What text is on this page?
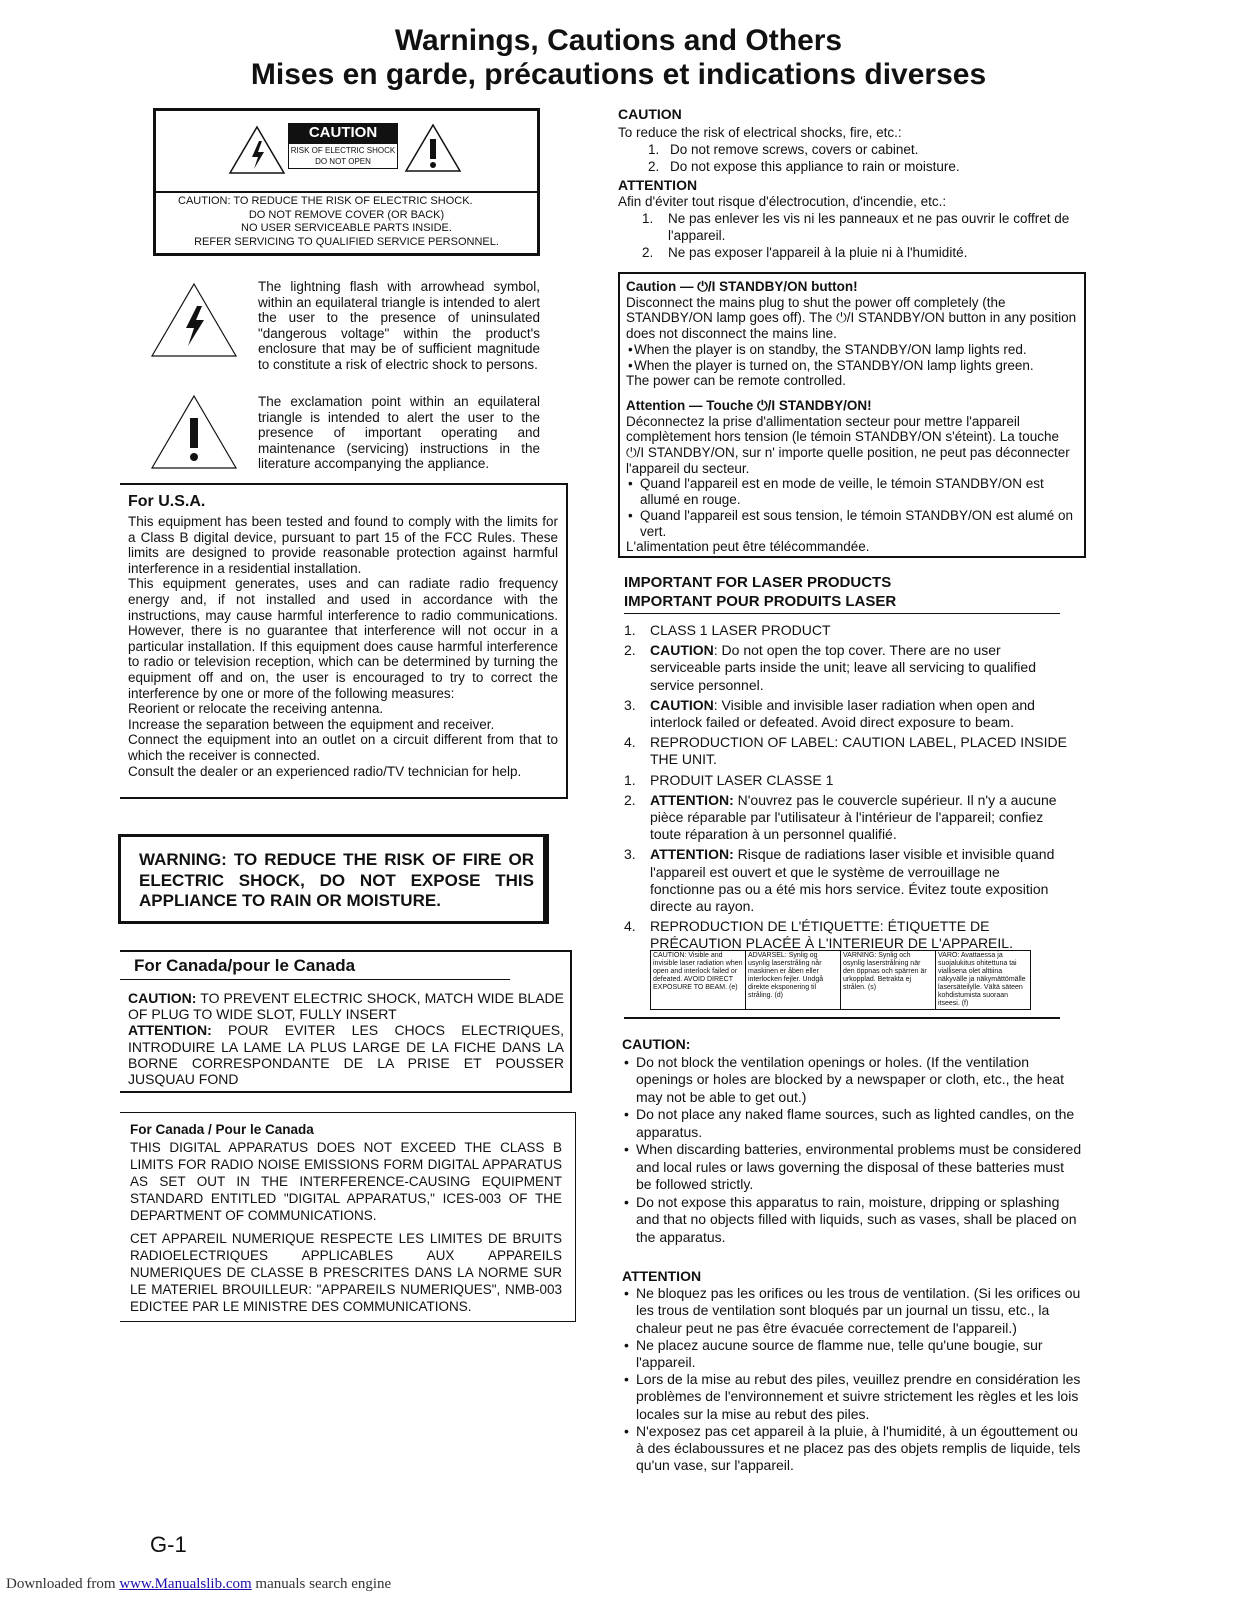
Warnings, Cautions and Others
Mises en garde, précautions et indications diverses
CAUTION
RISK OF ELECTRIC SHOCK
DO NOT OPEN
CAUTION: TO REDUCE THE RISK OF ELECTRIC SHOCK.
DO NOT REMOVE COVER (OR BACK)
NO USER SERVICEABLE PARTS INSIDE.
REFER SERVICING TO QUALIFIED SERVICE PERSONNEL.
The lightning flash with arrowhead symbol, within an equilateral triangle is intended to alert the user to the presence of uninsulated "dangerous voltage" within the product's enclosure that may be of sufficient magnitude to constitute a risk of electric shock to persons.
The exclamation point within an equilateral triangle is intended to alert the user to the presence of important operating and maintenance (servicing) instructions in the literature accompanying the appliance.
For U.S.A.
This equipment has been tested and found to comply with the limits for a Class B digital device, pursuant to part 15 of the FCC Rules. These limits are designed to provide reasonable protection against harmful interference in a residential installation.
This equipment generates, uses and can radiate radio frequency energy and, if not installed and used in accordance with the instructions, may cause harmful interference to radio communications. However, there is no guarantee that interference will not occur in a particular installation. If this equipment does cause harmful interference to radio or television reception, which can be determined by turning the equipment off and on, the user is encouraged to try to correct the interference by one or more of the following measures:
Reorient or relocate the receiving antenna.
Increase the separation between the equipment and receiver.
Connect the equipment into an outlet on a circuit different from that to which the receiver is connected.
Consult the dealer or an experienced radio/TV technician for help.
WARNING: TO REDUCE THE RISK OF FIRE OR ELECTRIC SHOCK, DO NOT EXPOSE THIS APPLIANCE TO RAIN OR MOISTURE.
For Canada/pour le Canada
CAUTION: TO PREVENT ELECTRIC SHOCK, MATCH WIDE BLADE OF PLUG TO WIDE SLOT, FULLY INSERT
ATTENTION: POUR EVITER LES CHOCS ELECTRIQUES, INTRODUIRE LA LAME LA PLUS LARGE DE LA FICHE DANS LA BORNE CORRESPONDANTE DE LA PRISE ET POUSSER JUSQUAU FOND
For Canada / Pour le Canada
THIS DIGITAL APPARATUS DOES NOT EXCEED THE CLASS B LIMITS FOR RADIO NOISE EMISSIONS FORM DIGITAL APPARATUS AS SET OUT IN THE INTERFERENCE-CAUSING EQUIPMENT STANDARD ENTITLED "DIGITAL APPARATUS," ICES-003 OF THE DEPARTMENT OF COMMUNICATIONS.
CET APPAREIL NUMERIQUE RESPECTE LES LIMITES DE BRUITS RADIOELECTRIQUES APPLICABLES AUX APPAREILS NUMERIQUES DE CLASSE B PRESCRITES DANS LA NORME SUR LE MATERIEL BROUILLEUR: "APPAREILS NUMERIQUES", NMB-003 EDICTEE PAR LE MINISTRE DES COMMUNICATIONS.
CAUTION
To reduce the risk of electrical shocks, fire, etc.:
1. Do not remove screws, covers or cabinet.
2. Do not expose this appliance to rain or moisture.
ATTENTION
Afin d'éviter tout risque d'électrocution, d'incendie, etc.:
1. Ne pas enlever les vis ni les panneaux et ne pas ouvrir le coffret de l'appareil.
2. Ne pas exposer l'appareil à la pluie ni à l'humidité.
Caution — ⏻/I STANDBY/ON button!
Disconnect the mains plug to shut the power off completely (the STANDBY/ON lamp goes off). The ⏻/I STANDBY/ON button in any position does not disconnect the mains line.
• When the player is on standby, the STANDBY/ON lamp lights red.
• When the player is turned on, the STANDBY/ON lamp lights green.
The power can be remote controlled.
Attention — Touche ⏻/I STANDBY/ON!
Déconnectez la prise d'allimentation secteur pour mettre l'appareil complètement hors tension (le témoin STANDBY/ON s'éteint). La touche ⏻/I STANDBY/ON, sur n' importe quelle position, ne peut pas déconnecter l'appareil du secteur.
• Quand l'appareil est en mode de veille, le témoin STANDBY/ON est allumé en rouge.
• Quand l'appareil est sous tension, le témoin STANDBY/ON est alumé on vert.
L'alimentation peut être télécommandée.
IMPORTANT FOR LASER PRODUCTS
IMPORTANT POUR PRODUITS LASER
1. CLASS 1 LASER PRODUCT
2. CAUTION: Do not open the top cover. There are no user serviceable parts inside the unit; leave all servicing to qualified service personnel.
3. CAUTION: Visible and invisible laser radiation when open and interlock failed or defeated. Avoid direct exposure to beam.
4. REPRODUCTION OF LABEL: CAUTION LABEL, PLACED INSIDE THE UNIT.
1. PRODUIT LASER CLASSE 1
2. ATTENTION: N'ouvrez pas le couvercle supérieur. Il n'y a aucune pièce réparable par l'utilisateur à l'intérieur de l'appareil; confiez toute réparation à un personnel qualifié.
3. ATTENTION: Risque de radiations laser visible et invisible quand l'appareil est ouvert et que le système de verrouillage ne fonctionne pas ou a été mis hors service. Évitez toute exposition directe au rayon.
4. REPRODUCTION DE L'ÉTIQUETTE: ÉTIQUETTE DE PRÉCAUTION PLACÉE À L'INTERIEUR DE L'APPAREIL.
CAUTION: Visible and invisible laser radiation when open and interlock failed or defeated. AVOID DIRECT EXPOSURE TO BEAM. (e)	ADVARSEL: Synlig og usynlig laserstråling når maskinen er åben eller interlocken fejler. Undgå direkte eksponering til stråling. (d)	VARNING: Synlig och osynlig laserstrålning när den öppnas och spärren är urkopplad. Betrakta ej strålen. (s)	VARO: Avattaessa ja suojalukitus ohitettuna tai viallisena olet alttiina näkyvälle ja näkymättömälle lasersäteilylle. Vältä säteen kohdistumista suoraan itseesi. (f)
CAUTION:
• Do not block the ventilation openings or holes. (If the ventilation openings or holes are blocked by a newspaper or cloth, etc., the heat may not be able to get out.)
• Do not place any naked flame sources, such as lighted candles, on the apparatus.
• When discarding batteries, environmental problems must be considered and local rules or laws governing the disposal of these batteries must be followed strictly.
• Do not expose this apparatus to rain, moisture, dripping or splashing and that no objects filled with liquids, such as vases, shall be placed on the apparatus.
ATTENTION
• Ne bloquez pas les orifices ou les trous de ventilation. (Si les orifices ou les trous de ventilation sont bloqués par un journal un tissu, etc., la chaleur peut ne pas être évacuée correctement de l'appareil.)
• Ne placez aucune source de flamme nue, telle qu'une bougie, sur l'appareil.
• Lors de la mise au rebut des piles, veuillez prendre en considération les problèmes de l'environnement et suivre strictement les règles et les lois locales sur la mise au rebut des piles.
• N'exposez pas cet appareil à la pluie, à l'humidité, à un égouttement ou à des éclaboussures et ne placez pas des objets remplis de liquide, tels qu'un vase, sur l'appareil.
G-1
Downloaded from www.Manualslib.com manuals search engine
